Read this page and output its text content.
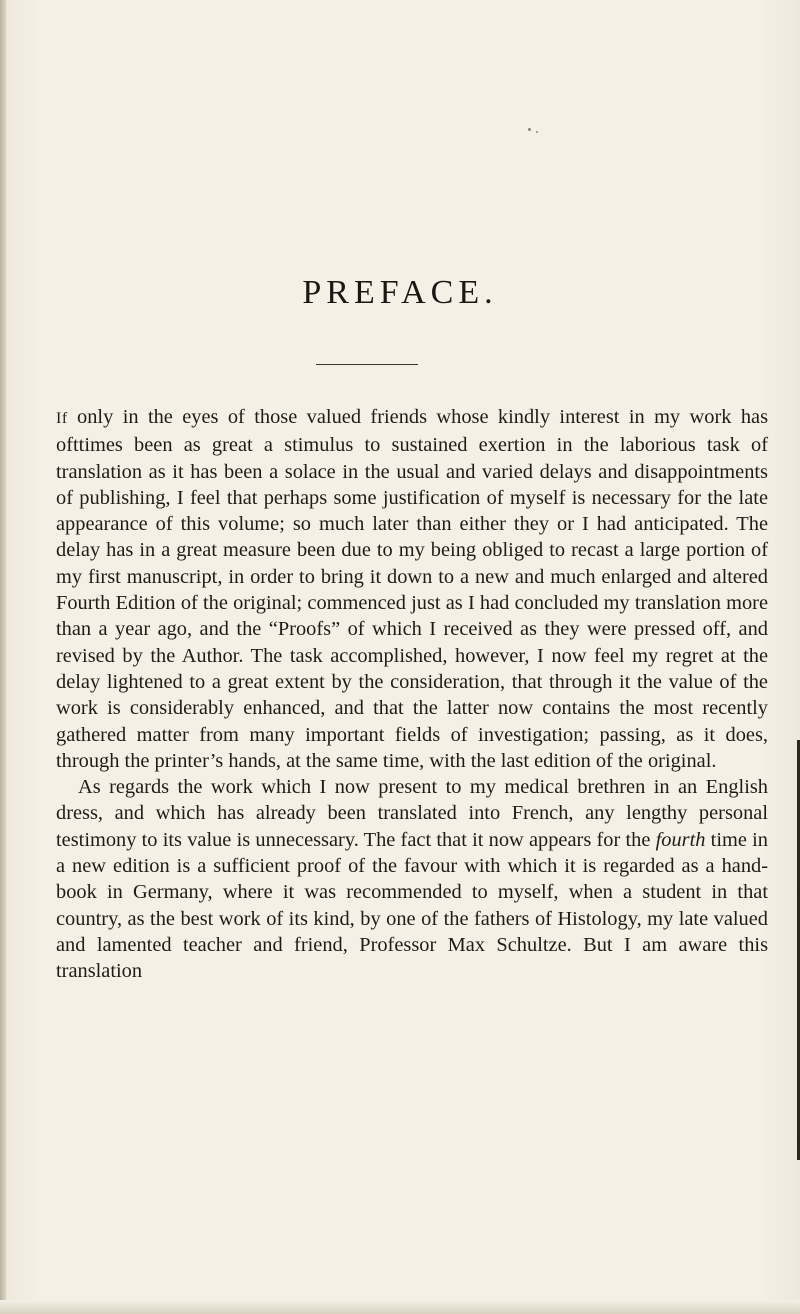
PREFACE.

If only in the eyes of those valued friends whose kindly interest in my work has ofttimes been as great a stimulus to sustained exertion in the laborious task of translation as it has been a solace in the usual and varied delays and disappointments of publishing, I feel that perhaps some justification of myself is necessary for the late appearance of this volume; so much later than either they or I had anticipated. The delay has in a great measure been due to my being obliged to recast a large portion of my first manuscript, in order to bring it down to a new and much enlarged and altered Fourth Edition of the original; commenced just as I had concluded my translation more than a year ago, and the “Proofs” of which I received as they were pressed off, and revised by the Author. The task accomplished, however, I now feel my regret at the delay lightened to a great extent by the consideration, that through it the value of the work is considerably enhanced, and that the latter now contains the most recently gathered matter from many important fields of investigation; passing, as it does, through the printer’s hands, at the same time, with the last edition of the original.

As regards the work which I now present to my medical brethren in an English dress, and which has already been translated into French, any lengthy personal testimony to its value is unnecessary. The fact that it now appears for the fourth time in a new edition is a sufficient proof of the favour with which it is regarded as a hand-book in Germany, where it was recommended to myself, when a student in that country, as the best work of its kind, by one of the fathers of Histology, my late valued and lamented teacher and friend, Professor Max Schultze. But I am aware this translation
